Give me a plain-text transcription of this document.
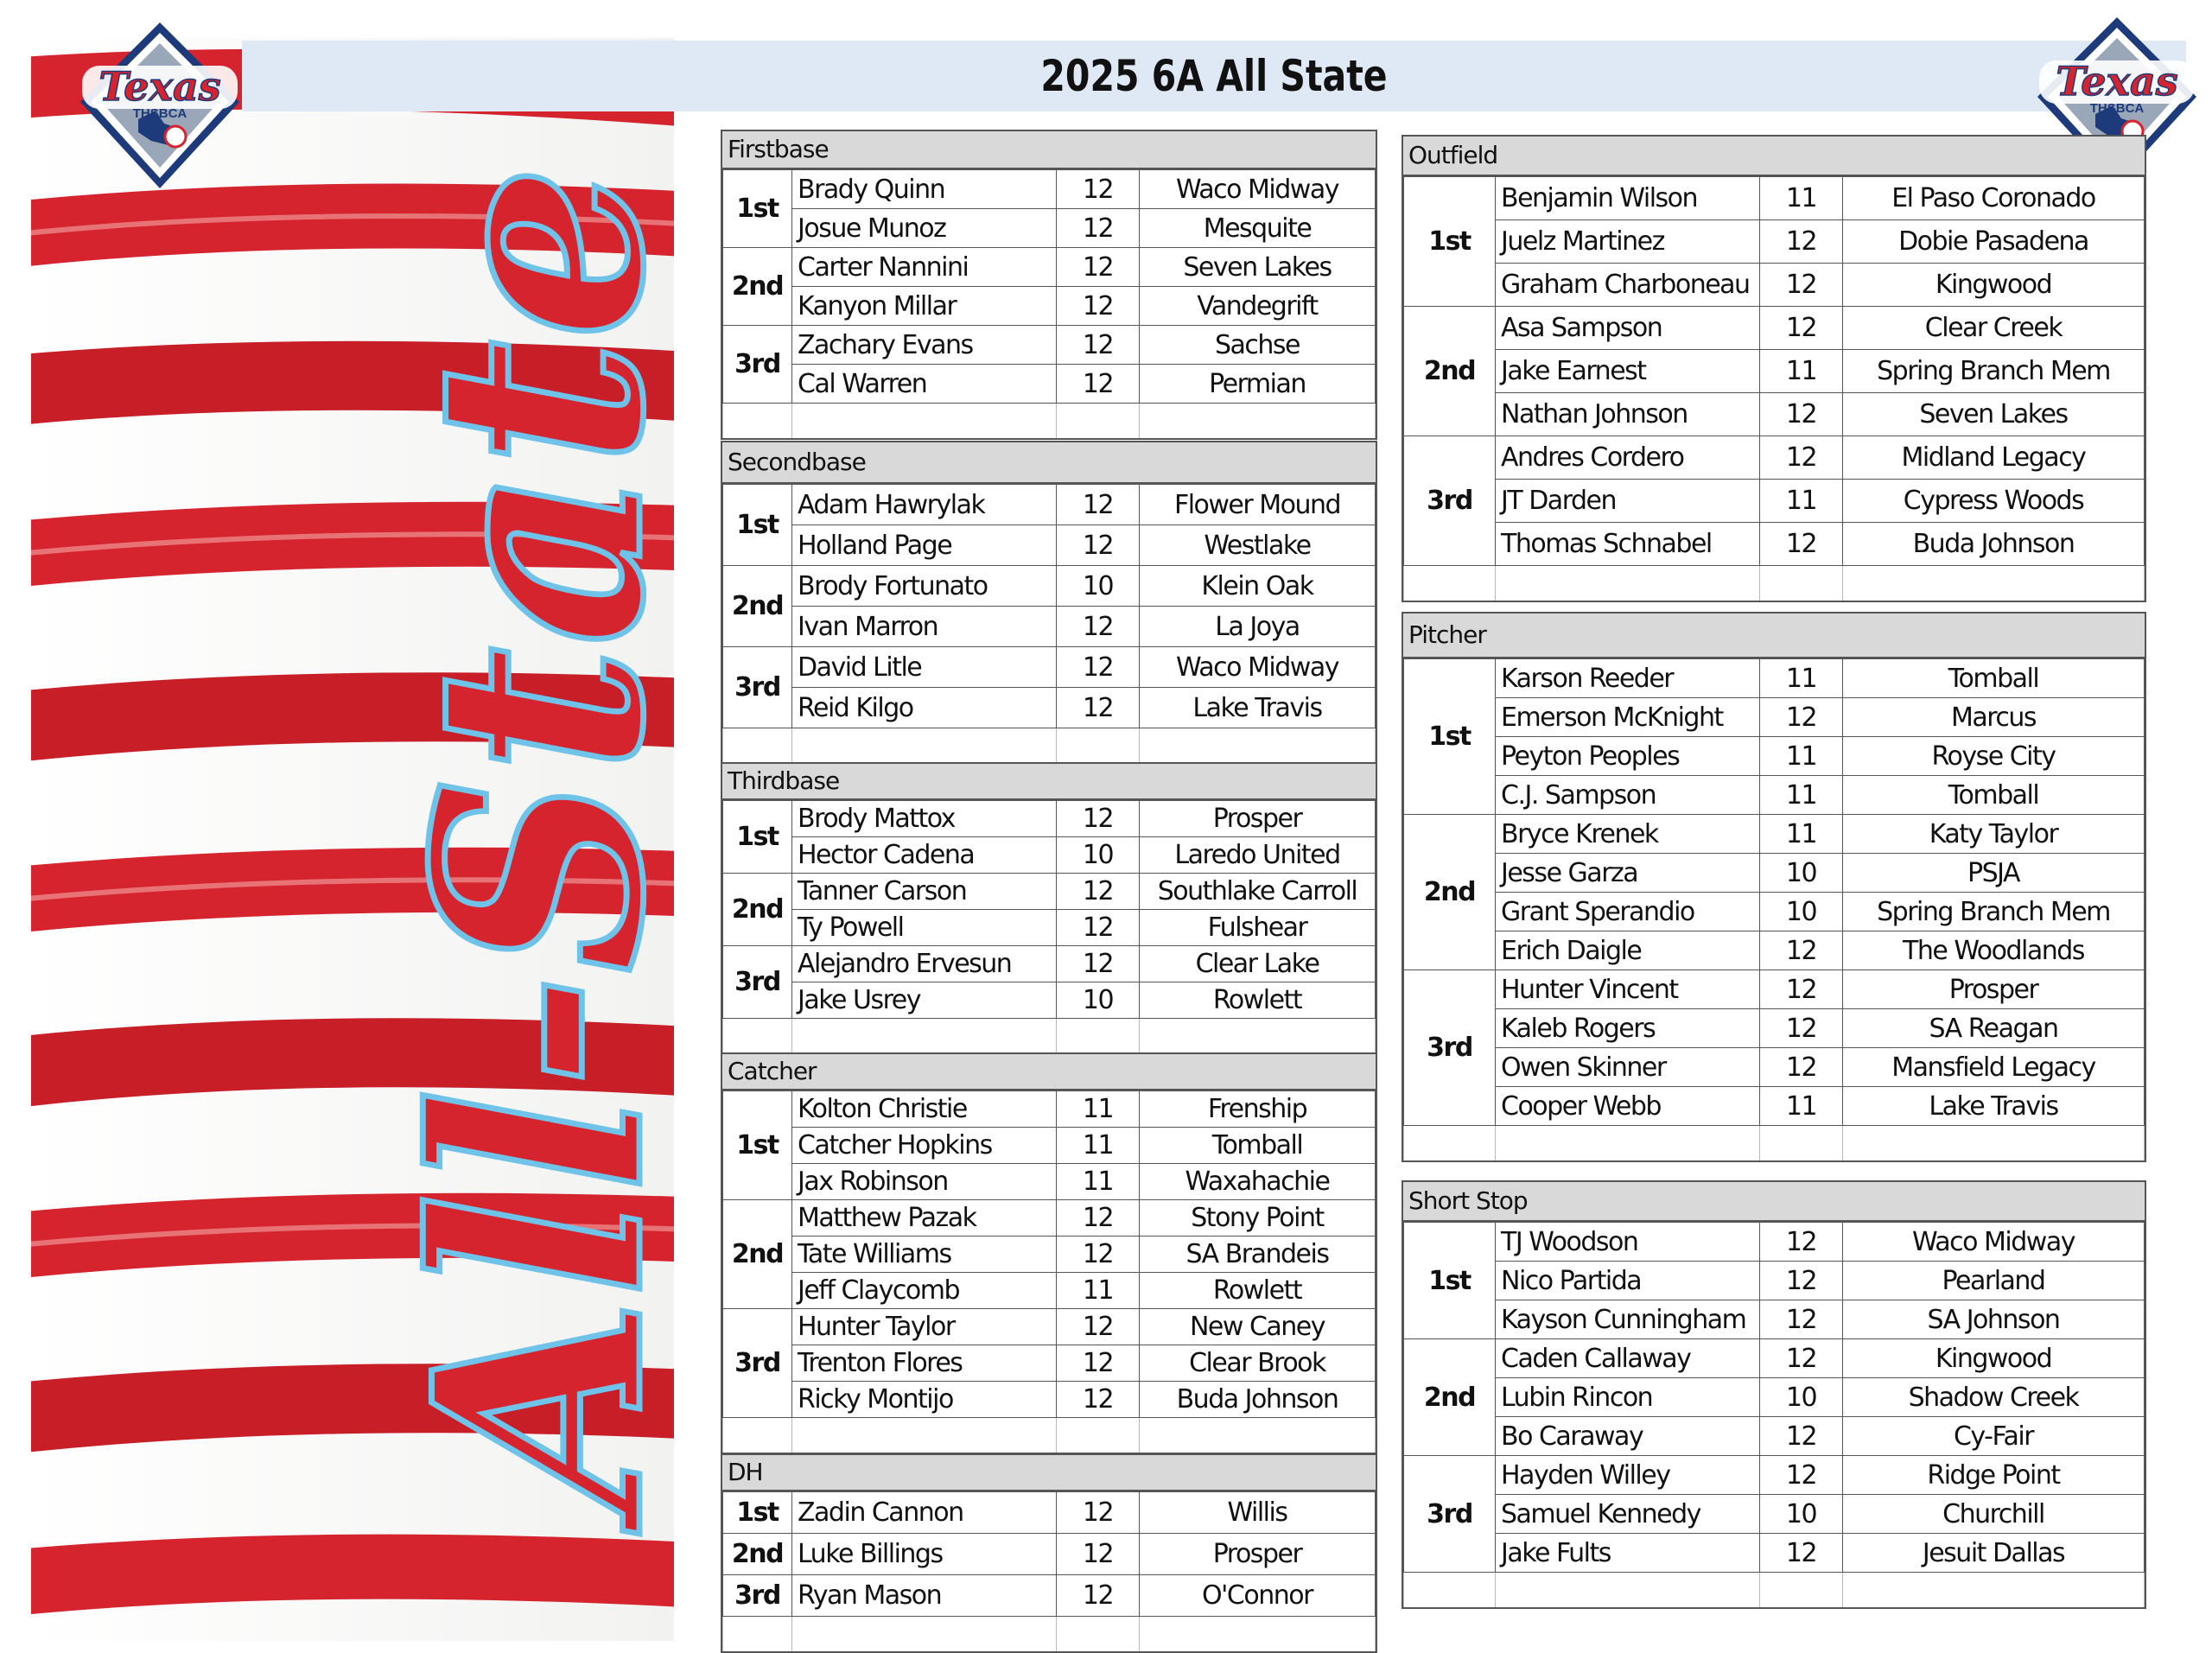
2025 6A All State
Texas
THSBCA
Texas
THSBCA
All-State Firstbase
1st	Brady Quinn	12	Waco Midway
	Josue Munoz	12	Mesquite
2nd	Carter Nannini	12	Seven Lakes
	Kanyon Millar	12	Vandegrift
3rd	Zachary Evans	12	Sachse
	Cal Warren	12	Permian

Secondbase
1st	Adam Hawrylak	12	Flower Mound
	Holland Page	12	Westlake
2nd	Brody Fortunato	10	Klein Oak
	Ivan Marron	12	La Joya
3rd	David Litle	12	Waco Midway
	Reid Kilgo	12	Lake Travis

Thirdbase
1st	Brody Mattox	12	Prosper
	Hector Cadena	10	Laredo United
2nd	Tanner Carson	12	Southlake Carroll
	Ty Powell	12	Fulshear
3rd	Alejandro Ervesun	12	Clear Lake
	Jake Usrey	10	Rowlett

Catcher
1st	Kolton Christie	11	Frenship
	Catcher Hopkins	11	Tomball
	Jax Robinson	11	Waxahachie
2nd	Matthew Pazak	12	Stony Point
	Tate Williams	12	SA Brandeis
	Jeff Claycomb	11	Rowlett
3rd	Hunter Taylor	12	New Caney
	Trenton Flores	12	Clear Brook
	Ricky Montijo	12	Buda Johnson

DH
1st	Zadin Cannon	12	Willis
2nd	Luke Billings	12	Prosper
3rd	Ryan Mason	12	O'Connor

Outfield
1st	Benjamin Wilson	11	El Paso Coronado
	Juelz Martinez	12	Dobie Pasadena
	Graham Charboneau	12	Kingwood
2nd	Asa Sampson	12	Clear Creek
	Jake Earnest	11	Spring Branch Mem
	Nathan Johnson	12	Seven Lakes
3rd	Andres Cordero	12	Midland Legacy
	JT Darden	11	Cypress Woods
	Thomas Schnabel	12	Buda Johnson

Pitcher
1st	Karson Reeder	11	Tomball
	Emerson McKnight	12	Marcus
	Peyton Peoples	11	Royse City
	C.J. Sampson	11	Tomball
2nd	Bryce Krenek	11	Katy Taylor
	Jesse Garza	10	PSJA
	Grant Sperandio	10	Spring Branch Mem
	Erich Daigle	12	The Woodlands
3rd	Hunter Vincent	12	Prosper
	Kaleb Rogers	12	SA Reagan
	Owen Skinner	12	Mansfield Legacy
	Cooper Webb	11	Lake Travis

Short Stop
1st	TJ Woodson	12	Waco Midway
	Nico Partida	12	Pearland
	Kayson Cunningham	12	SA Johnson
2nd	Caden Callaway	12	Kingwood
	Lubin Rincon	10	Shadow Creek
	Bo Caraway	12	Cy-Fair
3rd	Hayden Willey	12	Ridge Point
	Samuel Kennedy	10	Churchill
	Jake Fults	12	Jesuit Dallas
